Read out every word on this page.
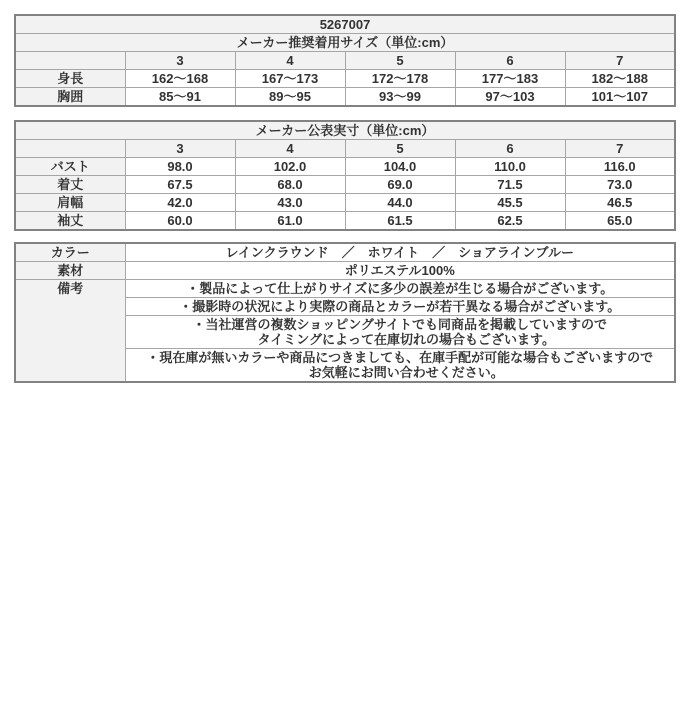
5267007					
メーカー推奨着用サイズ（単位:cm）					
	3	4	5	6	7
身長	162～168	167～173	172～178	177～183	182～188
胸囲	85～91	89～95	93～99	97～103	101～107
メーカー公表実寸（単位:cm）					
	3	4	5	6	7
バスト	98.0	102.0	104.0	110.0	116.0
着丈	67.5	68.0	69.0	71.5	73.0
肩幅	42.0	43.0	44.0	45.5	46.5
袖丈	60.0	61.0	61.5	62.5	65.0
カラー	レインクラウンド　／　ホワイト　／　ショアラインブルー
素材	ポリエステル100%
備考	・製品によって仕上がりサイズに多少の誤差が生じる場合がございます。

	・撮影時の状況により実際の商品とカラーが若干異なる場合がございます。

	・当社運営の複数ショッピングサイトでも同商品を掲載していますので
タイミングによって在庫切れの場合もございます。

	・現在庫が無いカラーや商品につきましても、在庫手配が可能な場合もございますので
お気軽にお問い合わせください。
